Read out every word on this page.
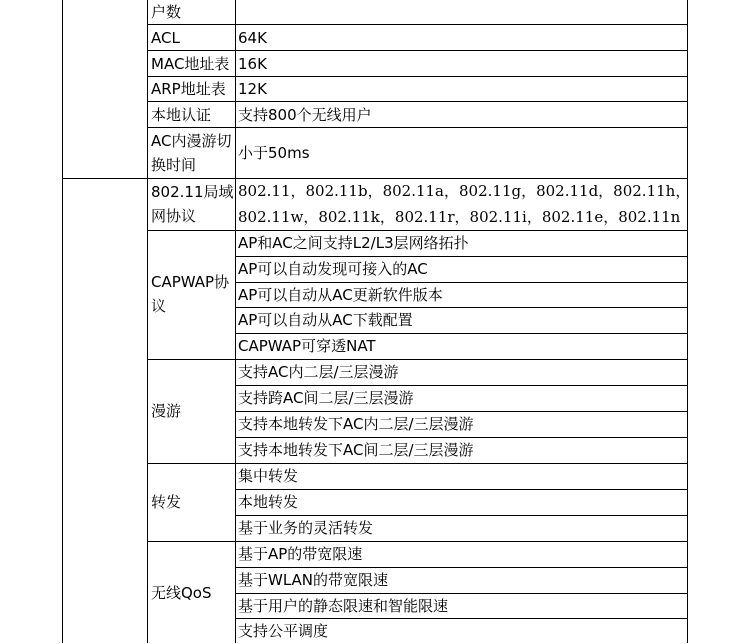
户数
ACL	64K
MAC地址表 16K
ARP地址表 12K
本地认证 支持800个无线用户
AC内漫游切换时间
小于50ms
802.11局域网协议
802.11，802.11b，802.11a，802.11g，802.11d，802.11h，
802.11w，802.11k，802.11r，802.11i，802.11e，802.11n
CAPWAP协议
AP和AC之间支持L2/L3层网络拓扑
AP可以自动发现可接入的AC
AP可以自动从AC更新软件版本
AP可以自动从AC下载配置
CAPWAP可穿透NAT
漫游
支持AC内二层/三层漫游
支持跨AC间二层/三层漫游
支持本地转发下AC内二层/三层漫游
支持本地转发下AC间二层/三层漫游
转发
集中转发
本地转发
基于业务的灵活转发
无线QoS
基于AP的带宽限速
基于WLAN的带宽限速
基于用户的静态限速和智能限速
支持公平调度
